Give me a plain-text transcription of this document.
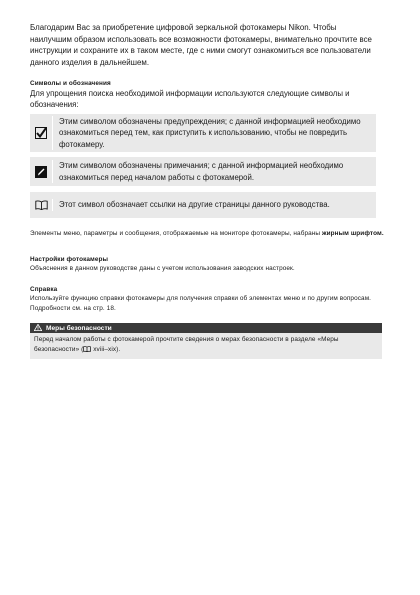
Благодарим Вас за приобретение цифровой зеркальной фотокамеры Nikon. Чтобы наилучшим образом использовать все возможности фотокамеры, внимательно прочтите все инструкции и сохраните их в таком месте, где с ними смогут ознакомиться все пользователи данного изделия в дальнейшем.

Символы и обозначения

Для упрощения поиска необходимой информации используются следующие символы и обозначения:

Этим символом обозначены предупреждения; с данной информацией необходимо ознакомиться перед тем, как приступить к использованию, чтобы не повредить фотокамеру.
Этим символом обозначены примечания; с данной информацией необходимо ознакомиться перед началом работы с фотокамерой.
Этот символ обозначает ссылки на другие страницы данного руководства.

Элементы меню, параметры и сообщения, отображаемые на мониторе фотокамеры, набраны жирным шрифтом.

Настройки фотокамеры

Объяснения в данном руководстве даны с учетом использования заводских настроек.

Справка

Используйте функцию справки фотокамеры для получения справки об элементах меню и по другим вопросам. Подробности см. на стр. 18.

Меры безопасности
Перед началом работы с фотокамерой прочтите сведения о мерах безопасности в разделе «Меры безопасности» ( xviii–xix).
